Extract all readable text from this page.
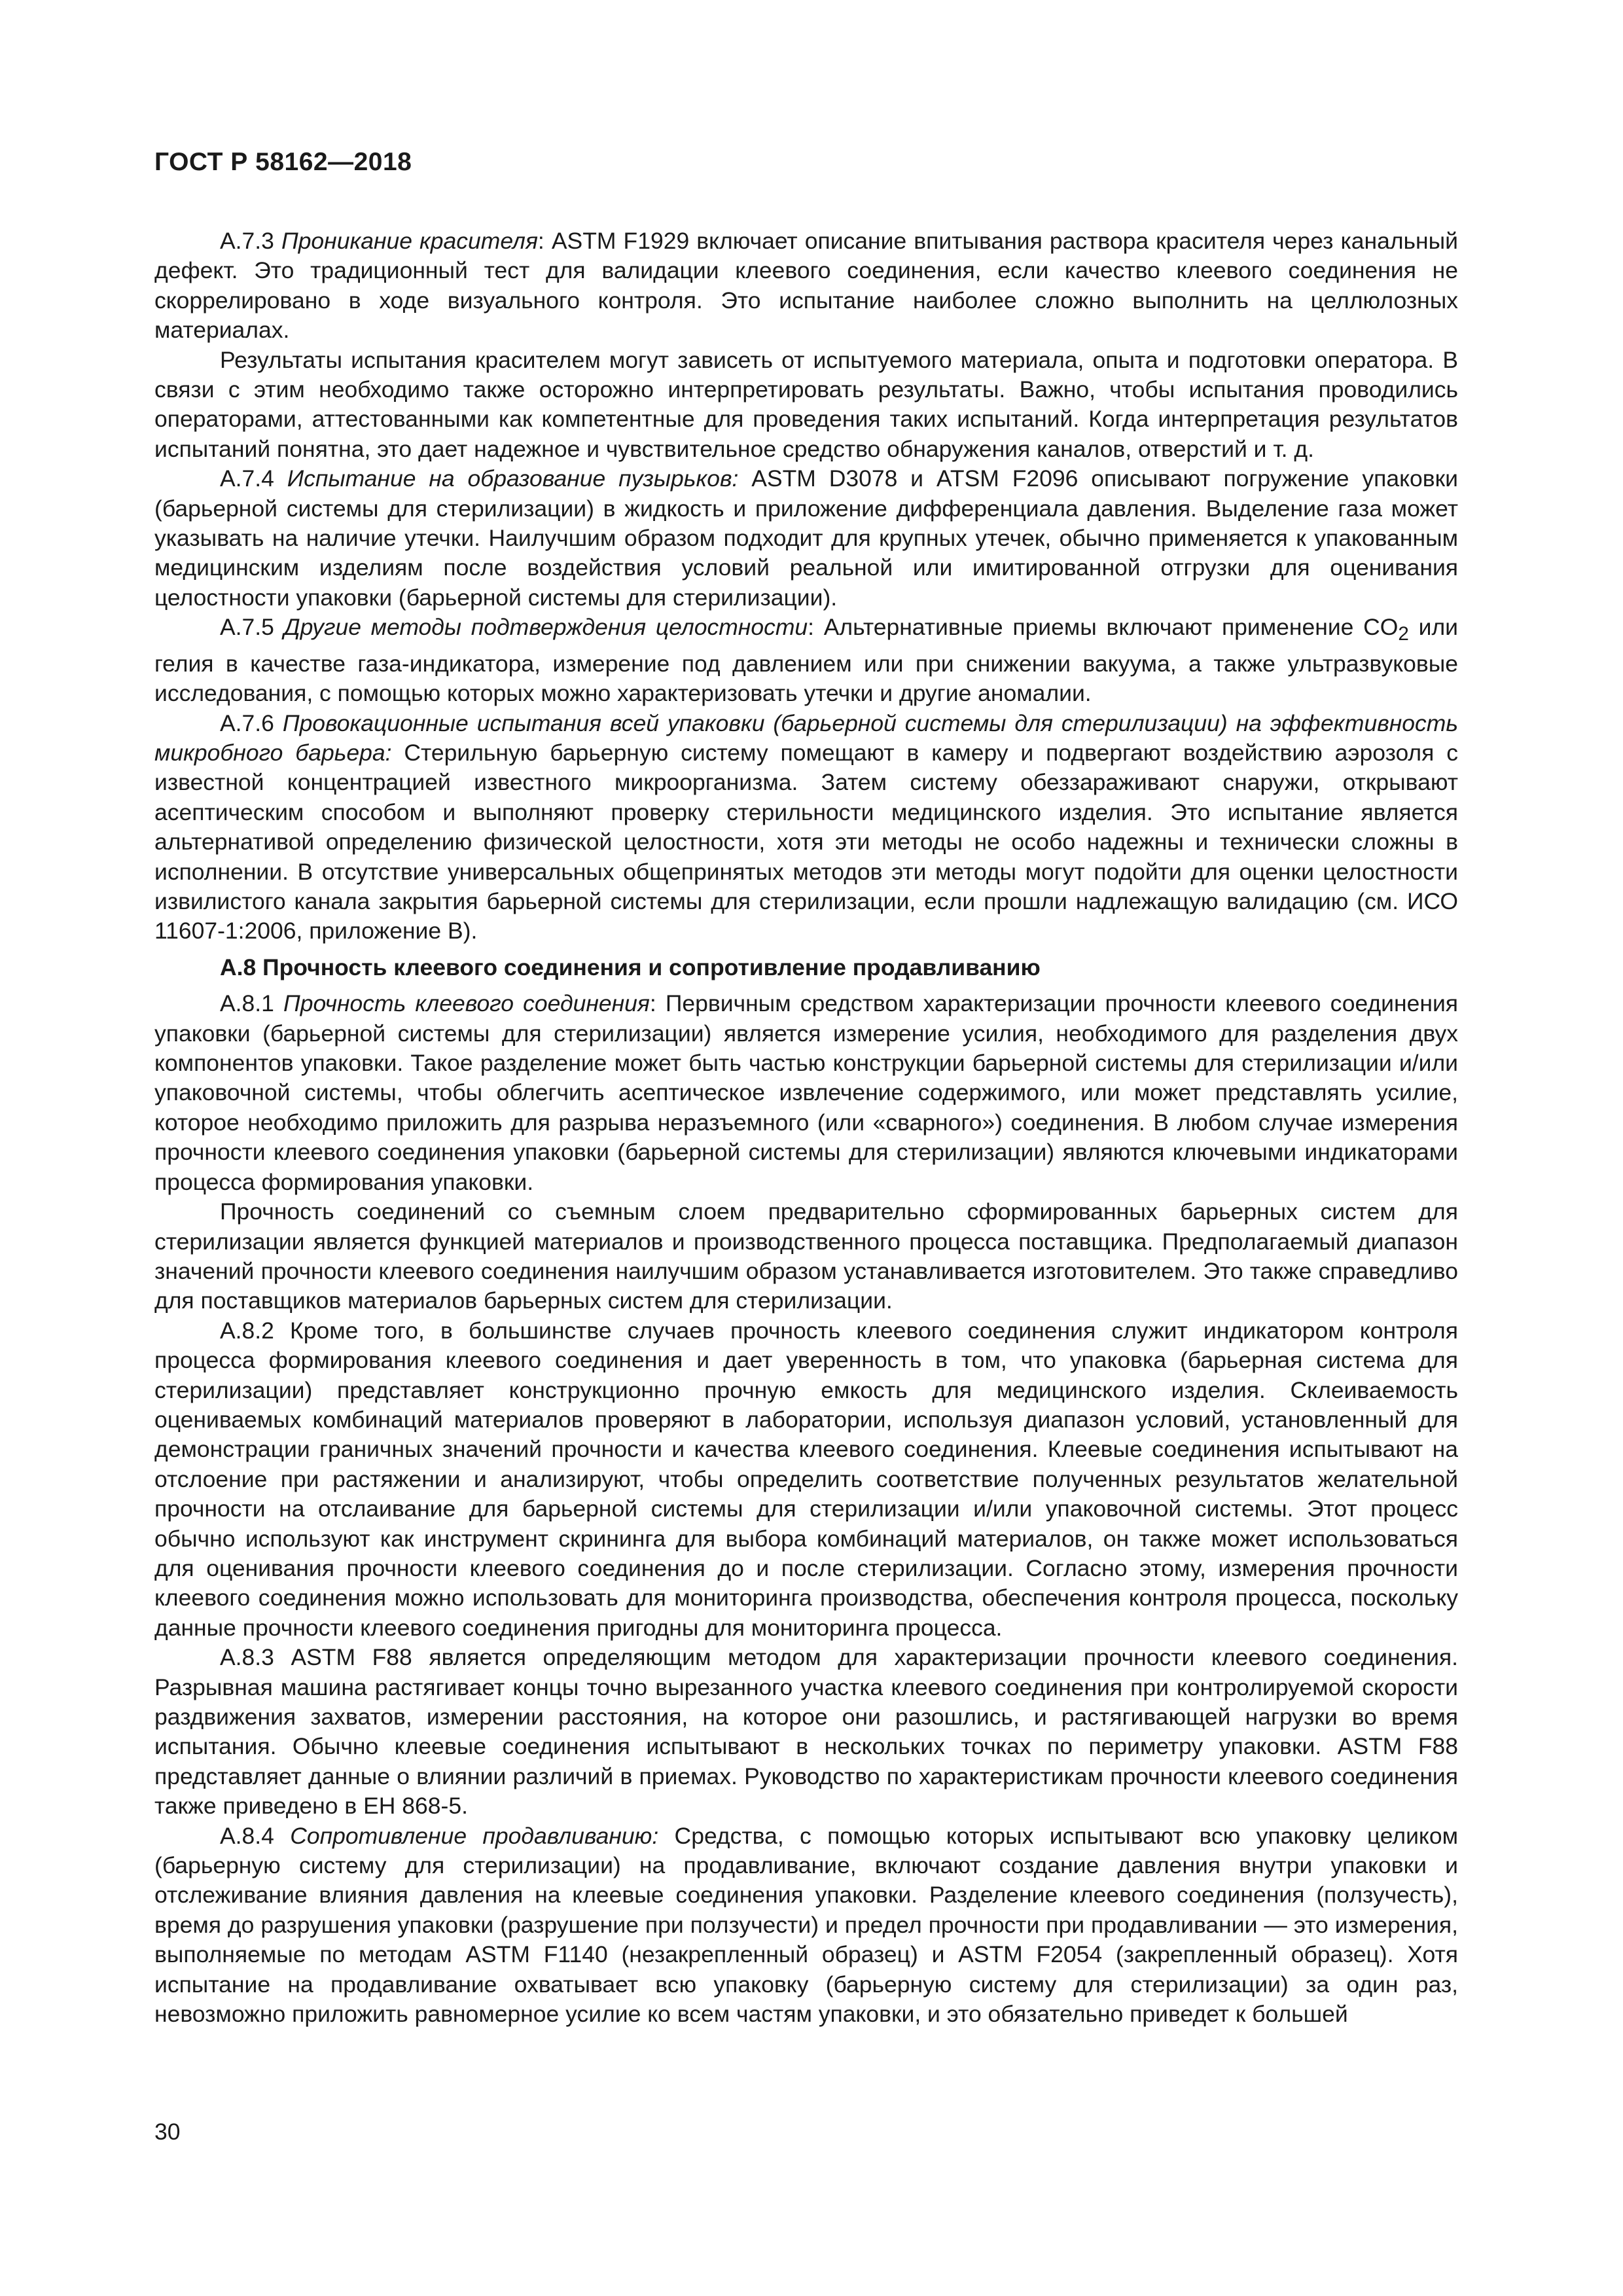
ГОСТ Р 58162—2018

А.7.3 Проникание красителя: ASTM F1929 включает описание впитывания раствора красителя через канальный дефект. Это традиционный тест для валидации клеевого соединения, если качество клеевого соединения не скоррелировано в ходе визуального контроля. Это испытание наиболее сложно выполнить на целлюлозных материалах.

Результаты испытания красителем могут зависеть от испытуемого материала, опыта и подготовки оператора. В связи с этим необходимо также осторожно интерпретировать результаты. Важно, чтобы испытания проводились операторами, аттестованными как компетентные для проведения таких испытаний. Когда интерпретация результатов испытаний понятна, это дает надежное и чувствительное средство обнаружения каналов, отверстий и т. д.

А.7.4 Испытание на образование пузырьков: ASTM D3078 и ATSM F2096 описывают погружение упаковки (барьерной системы для стерилизации) в жидкость и приложение дифференциала давления. Выделение газа может указывать на наличие утечки. Наилучшим образом подходит для крупных утечек, обычно применяется к упакованным медицинским изделиям после воздействия условий реальной или имитированной отгрузки для оценивания целостности упаковки (барьерной системы для стерилизации).

А.7.5 Другие методы подтверждения целостности: Альтернативные приемы включают применение $CO_2$ или гелия в качестве газа-индикатора, измерение под давлением или при снижении вакуума, а также ультразвуковые исследования, с помощью которых можно характеризовать утечки и другие аномалии.

А.7.6 Провокационные испытания всей упаковки (барьерной системы для стерилизации) на эффективность микробного барьера: Стерильную барьерную систему помещают в камеру и подвергают воздействию аэрозоля с известной концентрацией известного микроорганизма. Затем систему обеззараживают снаружи, открывают асептическим способом и выполняют проверку стерильности медицинского изделия. Это испытание является альтернативой определению физической целостности, хотя эти методы не особо надежны и технически сложны в исполнении. В отсутствие универсальных общепринятых методов эти методы могут подойти для оценки целостности извилистого канала закрытия барьерной системы для стерилизации, если прошли надлежащую валидацию (см. ИСО 11607-1:2006, приложение В).

А.8 Прочность клеевого соединения и сопротивление продавливанию

А.8.1 Прочность клеевого соединения: Первичным средством характеризации прочности клеевого соединения упаковки (барьерной системы для стерилизации) является измерение усилия, необходимого для разделения двух компонентов упаковки. Такое разделение может быть частью конструкции барьерной системы для стерилизации и/или упаковочной системы, чтобы облегчить асептическое извлечение содержимого, или может представлять усилие, которое необходимо приложить для разрыва неразъемного (или «сварного») соединения. В любом случае измерения прочности клеевого соединения упаковки (барьерной системы для стерилизации) являются ключевыми индикаторами процесса формирования упаковки.

Прочность соединений со съемным слоем предварительно сформированных барьерных систем для стерилизации является функцией материалов и производственного процесса поставщика. Предполагаемый диапазон значений прочности клеевого соединения наилучшим образом устанавливается изготовителем. Это также справедливо для поставщиков материалов барьерных систем для стерилизации.

А.8.2 Кроме того, в большинстве случаев прочность клеевого соединения служит индикатором контроля процесса формирования клеевого соединения и дает уверенность в том, что упаковка (барьерная система для стерилизации) представляет конструкционно прочную емкость для медицинского изделия. Склеиваемость оцениваемых комбинаций материалов проверяют в лаборатории, используя диапазон условий, установленный для демонстрации граничных значений прочности и качества клеевого соединения. Клеевые соединения испытывают на отслоение при растяжении и анализируют, чтобы определить соответствие полученных результатов желательной прочности на отслаивание для барьерной системы для стерилизации и/или упаковочной системы. Этот процесс обычно используют как инструмент скрининга для выбора комбинаций материалов, он также может использоваться для оценивания прочности клеевого соединения до и после стерилизации. Согласно этому, измерения прочности клеевого соединения можно использовать для мониторинга производства, обеспечения контроля процесса, поскольку данные прочности клеевого соединения пригодны для мониторинга процесса.

А.8.3 ASTM F88 является определяющим методом для характеризации прочности клеевого соединения. Разрывная машина растягивает концы точно вырезанного участка клеевого соединения при контролируемой скорости раздвижения захватов, измерении расстояния, на которое они разошлись, и растягивающей нагрузки во время испытания. Обычно клеевые соединения испытывают в нескольких точках по периметру упаковки. ASTM F88 представляет данные о влиянии различий в приемах. Руководство по характеристикам прочности клеевого соединения также приведено в ЕН 868-5.

А.8.4 Сопротивление продавливанию: Средства, с помощью которых испытывают всю упаковку целиком (барьерную систему для стерилизации) на продавливание, включают создание давления внутри упаковки и отслеживание влияния давления на клеевые соединения упаковки. Разделение клеевого соединения (ползучесть), время до разрушения упаковки (разрушение при ползучести) и предел прочности при продавливании — это измерения, выполняемые по методам ASTM F1140 (незакрепленный образец) и ASTM F2054 (закрепленный образец). Хотя испытание на продавливание охватывает всю упаковку (барьерную систему для стерилизации) за один раз, невозможно приложить равномерное усилие ко всем частям упаковки, и это обязательно приведет к большей

30
